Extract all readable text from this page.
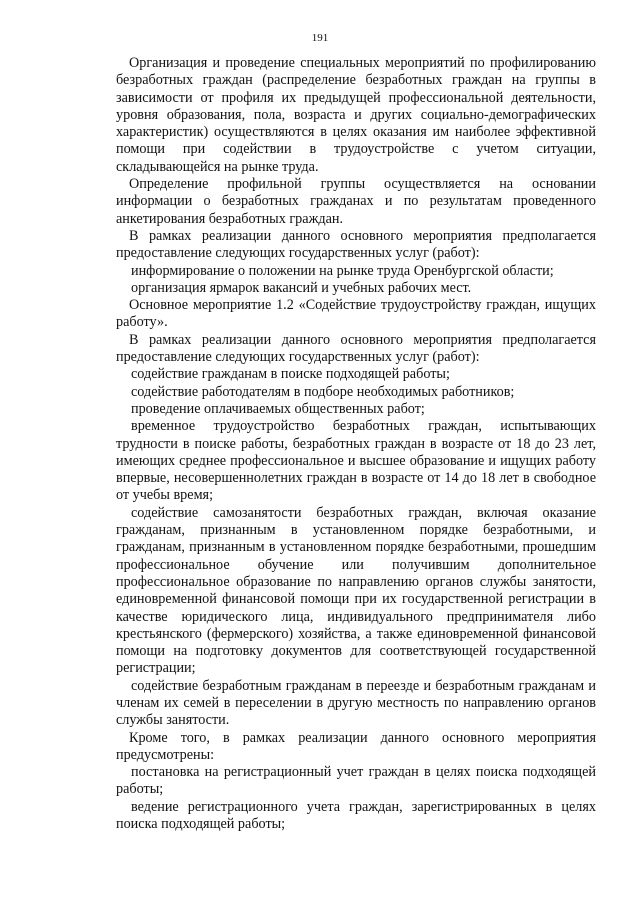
191

Организация и проведение специальных мероприятий по профилированию безработных граждан (распределение безработных граждан на группы в зависимости от профиля их предыдущей профессиональной деятельности, уровня образования, пола, возраста и других социально-демографических характеристик) осуществляются в целях оказания им наиболее эффективной помощи при содействии в трудоустройстве с учетом ситуации, складывающейся на рынке труда.

Определение профильной группы осуществляется на основании информации о безработных гражданах и по результатам проведенного анкетирования безработных граждан.

В рамках реализации данного основного мероприятия предполагается предоставление следующих государственных услуг (работ):

информирование о положении на рынке труда Оренбургской области;

организация ярмарок вакансий и учебных рабочих мест.

Основное мероприятие 1.2 «Содействие трудоустройству граждан, ищущих работу».

В рамках реализации данного основного мероприятия предполагается предоставление следующих государственных услуг (работ):

содействие гражданам в поиске подходящей работы;

содействие работодателям в подборе необходимых работников;

проведение оплачиваемых общественных работ;

временное трудоустройство безработных граждан, испытывающих трудности в поиске работы, безработных граждан в возрасте от 18 до 23 лет, имеющих среднее профессиональное и высшее образование и ищущих работу впервые, несовершеннолетних граждан в возрасте от 14 до 18 лет в свободное от учебы время;

содействие самозанятости безработных граждан, включая оказание гражданам, признанным в установленном порядке безработными, и гражданам, признанным в установленном порядке безработными, прошедшим профессиональное обучение или получившим дополнительное профессиональное образование по направлению органов службы занятости, единовременной финансовой помощи при их государственной регистрации в качестве юридического лица, индивидуального предпринимателя либо крестьянского (фермерского) хозяйства, а также единовременной финансовой помощи на подготовку документов для соответствующей государственной регистрации;

содействие безработным гражданам в переезде и безработным гражданам и членам их семей в переселении в другую местность по направлению органов службы занятости.

Кроме того, в рамках реализации данного основного мероприятия предусмотрены:

постановка на регистрационный учет граждан в целях поиска подходящей работы;

ведение регистрационного учета граждан, зарегистрированных в целях поиска подходящей работы;
